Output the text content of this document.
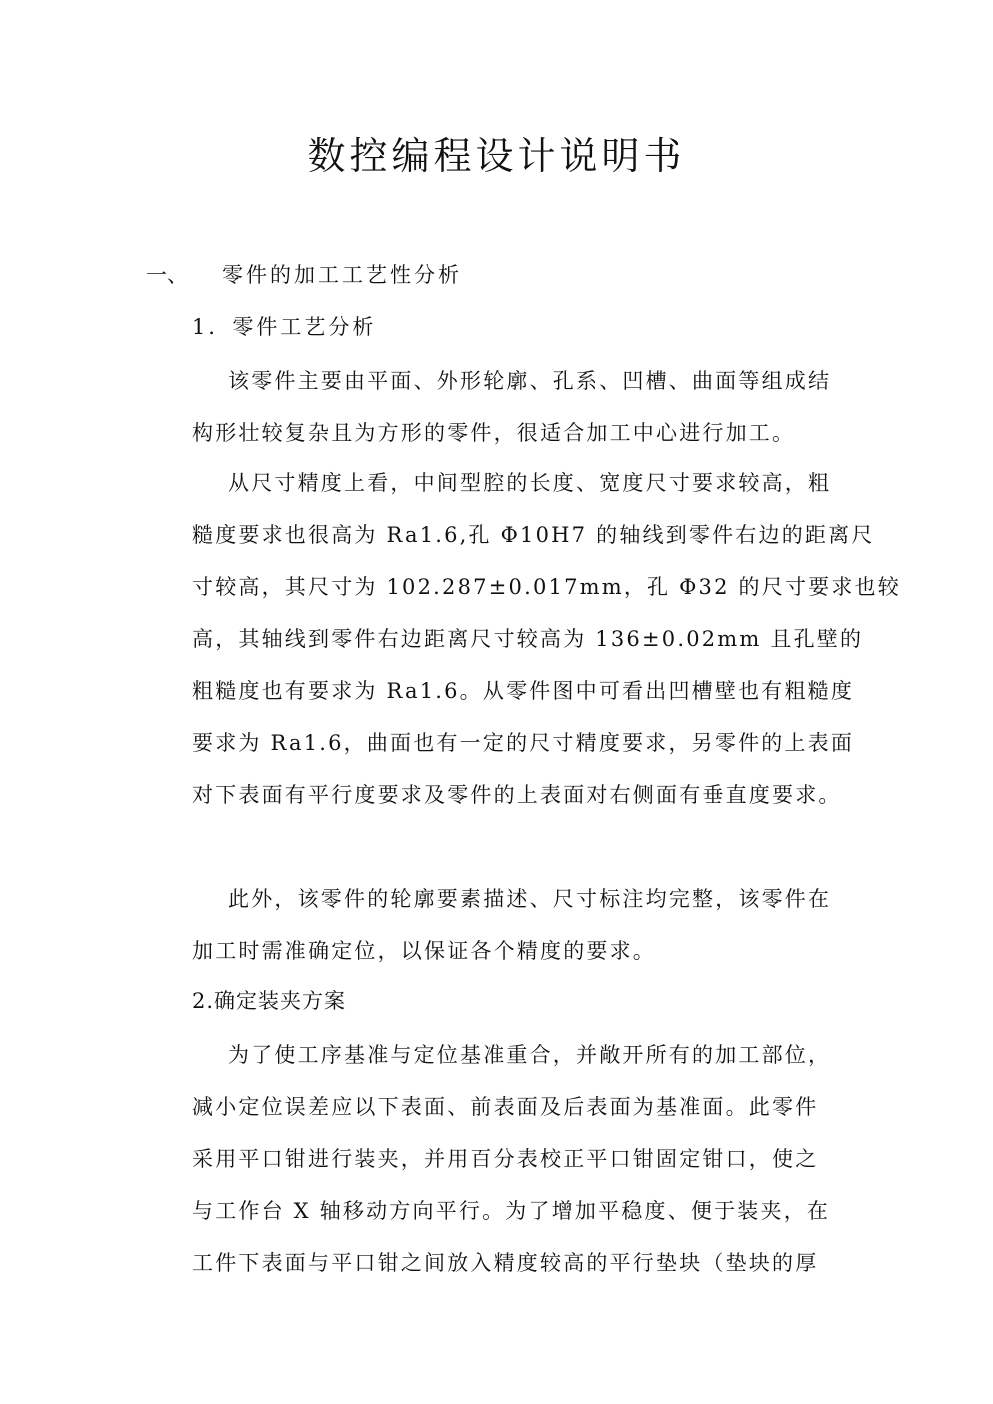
数控编程设计说明书
一、 零件的加工工艺性分析
1．零件工艺分析
该零件主要由平面、外形轮廓、孔系、凹槽、曲面等组成结
构形壮较复杂且为方形的零件，很适合加工中心进行加工。
从尺寸精度上看，中间型腔的长度、宽度尺寸要求较高，粗
糙度要求也很高为 Ra1.6,孔 Φ10H7 的轴线到零件右边的距离尺
寸较高，其尺寸为 102.287±0.017mm，孔 Φ32 的尺寸要求也较
高，其轴线到零件右边距离尺寸较高为 136±0.02mm 且孔壁的
粗糙度也有要求为 Ra1.6。从零件图中可看出凹槽壁也有粗糙度
要求为 Ra1.6，曲面也有一定的尺寸精度要求，另零件的上表面
对下表面有平行度要求及零件的上表面对右侧面有垂直度要求。
此外，该零件的轮廓要素描述、尺寸标注均完整，该零件在
加工时需准确定位，以保证各个精度的要求。
2.确定装夹方案
为了使工序基准与定位基准重合，并敞开所有的加工部位，
减小定位误差应以下表面、前表面及后表面为基准面。此零件
采用平口钳进行装夹，并用百分表校正平口钳固定钳口，使之
与工作台 X 轴移动方向平行。为了增加平稳度、便于装夹，在
工件下表面与平口钳之间放入精度较高的平行垫块（垫块的厚
